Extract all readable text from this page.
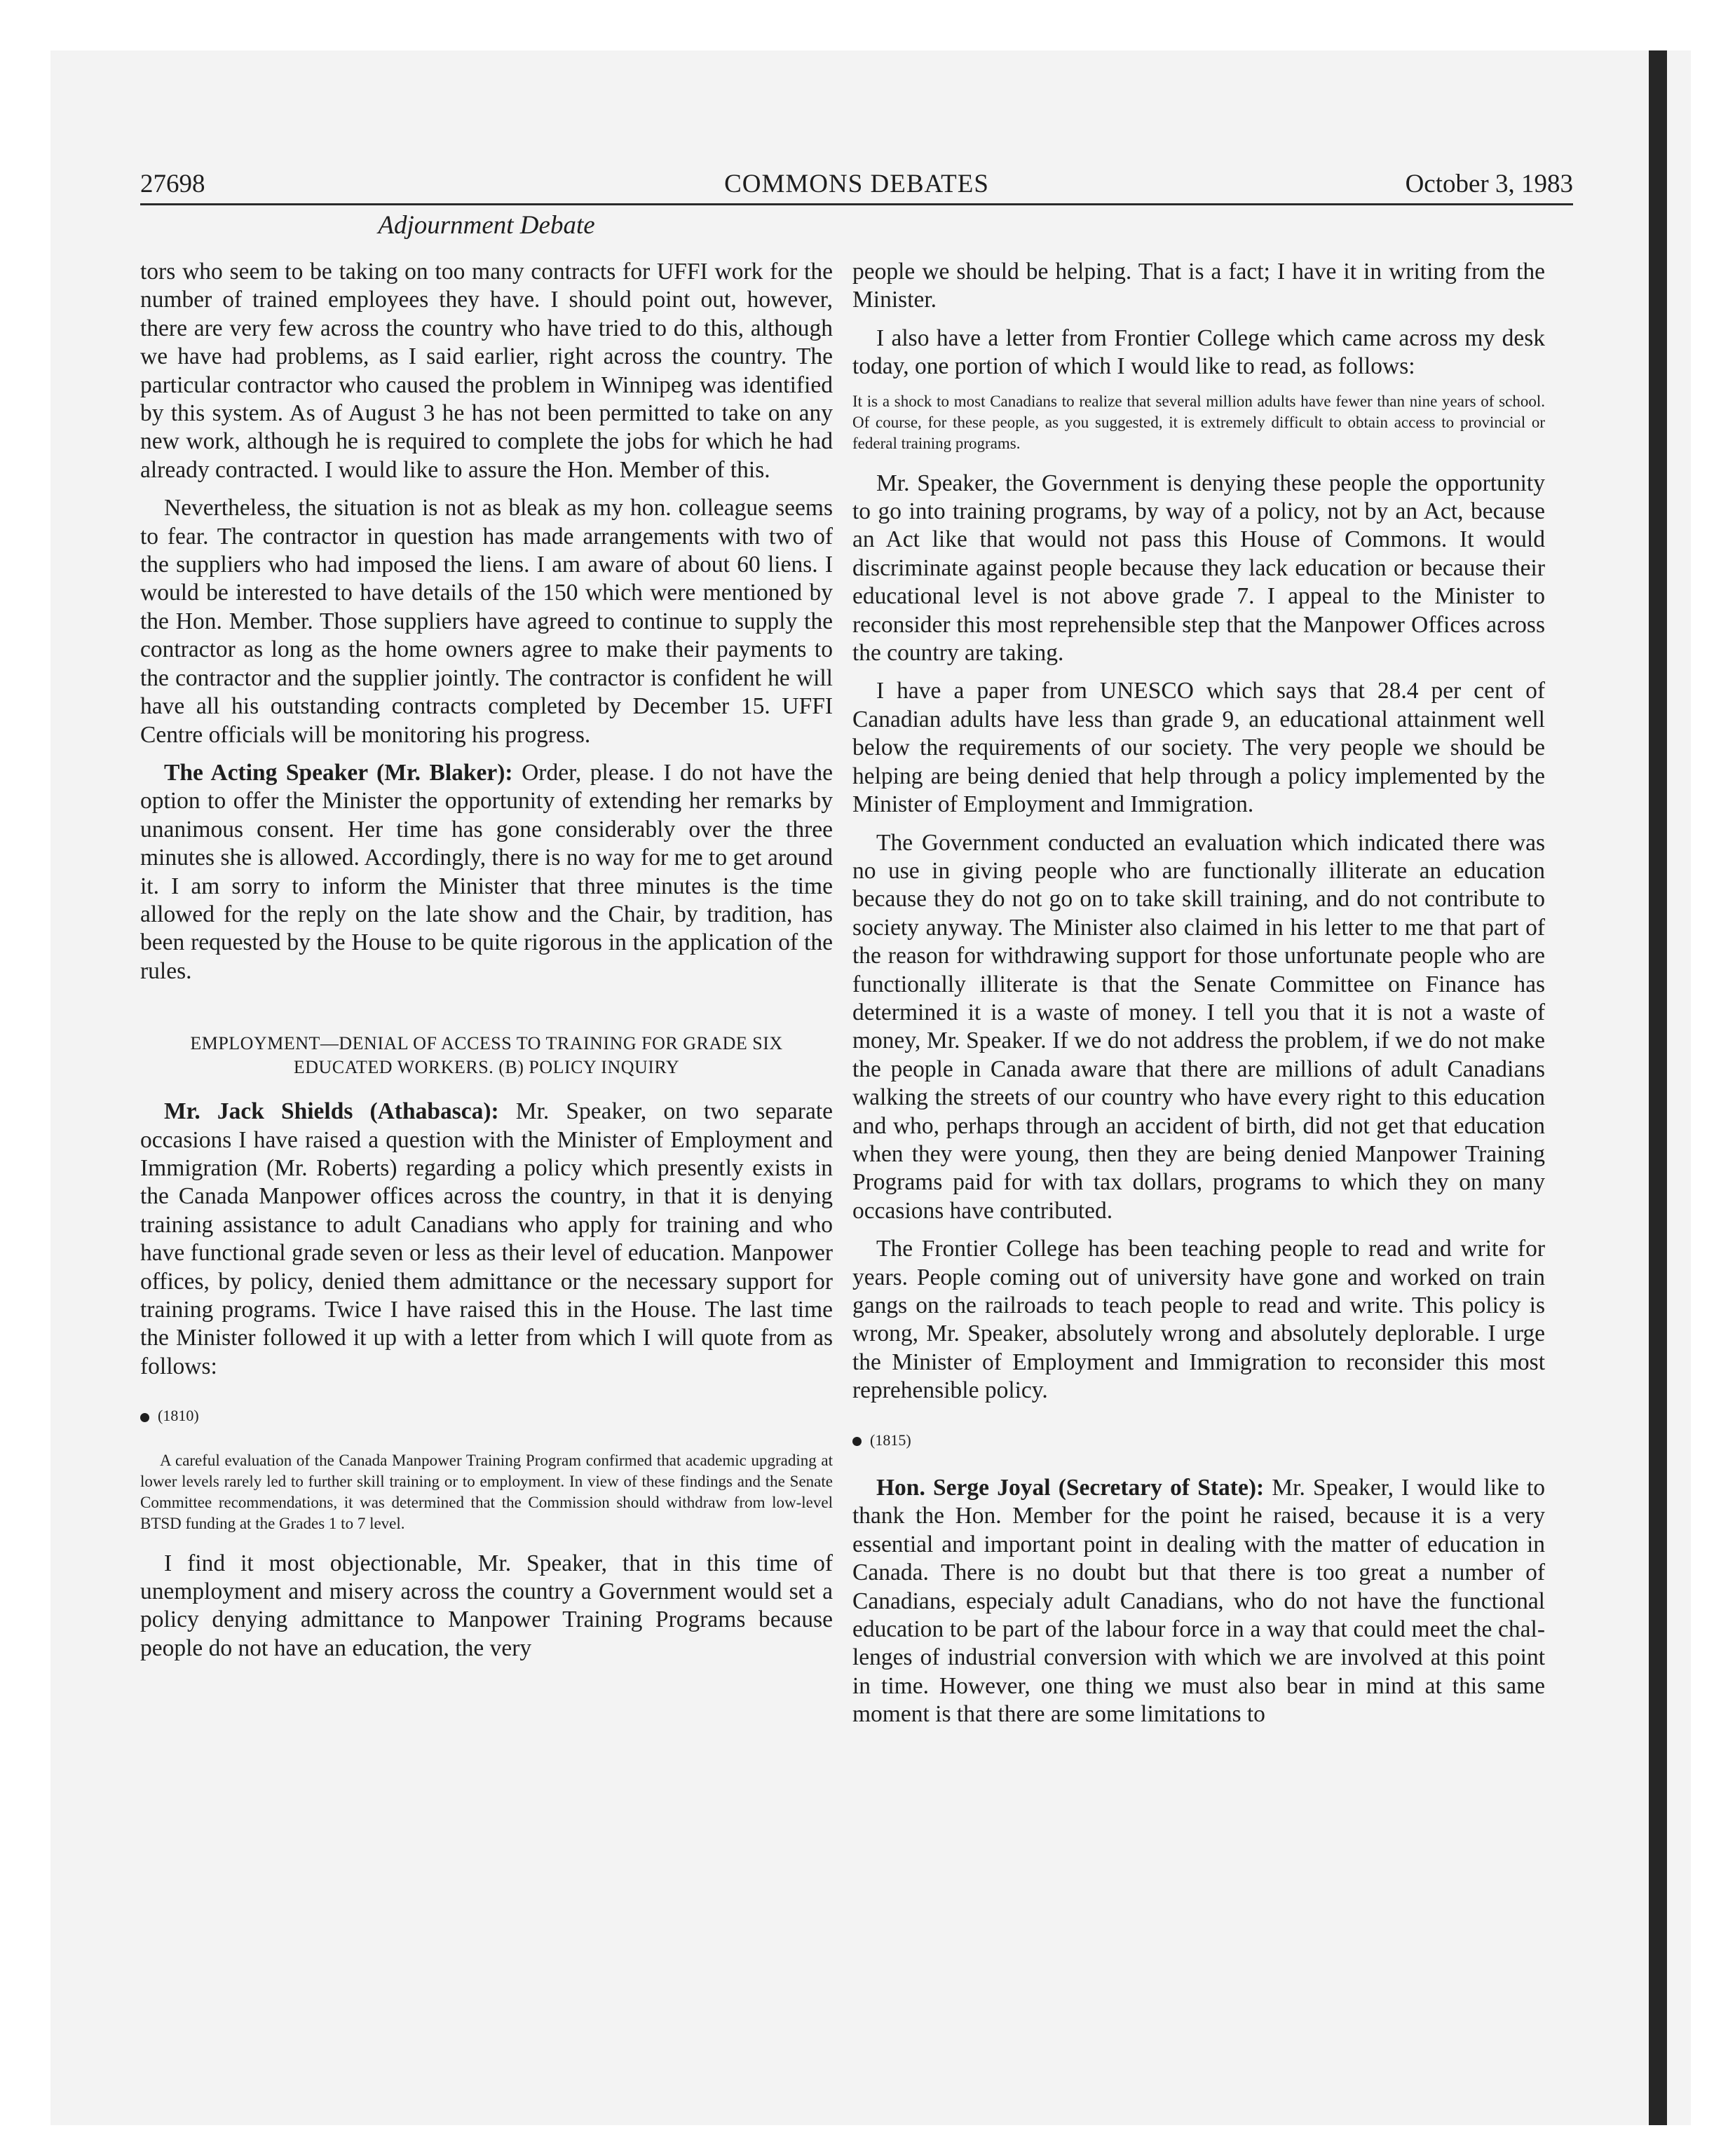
COMMONS DEBATES
27698	October 3, 1983
Adjournment Debate

tors who seem to be taking on too many contracts for UFFI work for the number of trained employees they have. I should point out, however, there are very few across the country who have tried to do this, although we have had problems, as I said earlier, right across the country. The particular contractor who caused the problem in Winnipeg was identified by this system. As of August 3 he has not been permitted to take on any new work, although he is required to complete the jobs for which he had already contracted. I would like to assure the Hon. Member of this.

Nevertheless, the situation is not as bleak as my hon. colleague seems to fear. The contractor in question has made arrangements with two of the suppliers who had imposed the liens. I am aware of about 60 liens. I would be interested to have details of the 150 which were mentioned by the Hon. Member. Those suppliers have agreed to continue to supply the contractor as long as the home owners agree to make their payments to the contractor and the supplier jointly. The contractor is confident he will have all his outstanding contracts completed by December 15. UFFI Centre officials will be monitoring his progress.

The Acting Speaker (Mr. Blaker): Order, please. I do not have the option to offer the Minister the opportunity of extending her remarks by unanimous consent. Her time has gone considerably over the three minutes she is allowed. Accordingly, there is no way for me to get around it. I am sorry to inform the Minister that three minutes is the time allowed for the reply on the late show and the Chair, by tradition, has been requested by the House to be quite rigorous in the application of the rules.

EMPLOYMENT—DENIAL OF ACCESS TO TRAINING FOR GRADE SIX EDUCATED WORKERS. (B) POLICY INQUIRY

Mr. Jack Shields (Athabasca): Mr. Speaker, on two separate occasions I have raised a question with the Minister of Employment and Immigration (Mr. Roberts) regarding a policy which presently exists in the Canada Manpower offices across the country, in that it is denying training assistance to adult Canadians who apply for training and who have functional grade seven or less as their level of education. Manpower offices, by policy, denied them admittance or the necessary support for training programs. Twice I have raised this in the House. The last time the Minister followed it up with a letter from which I will quote from as follows:

(1810)
A careful evaluation of the Canada Manpower Training Program confirmed that academic upgrading at lower levels rarely led to further skill training or to employment. In view of these findings and the Senate Committee recommendations, it was determined that the Commission should withdraw from low-level BTSD funding at the Grades 1 to 7 level.

I find it most objectionable, Mr. Speaker, that in this time of unemployment and misery across the country a Government would set a policy denying admittance to Manpower Training Programs because people do not have an education, the very

people we should be helping. That is a fact; I have it in writing from the Minister.

I also have a letter from Frontier College which came across my desk today, one portion of which I would like to read, as follows:

It is a shock to most Canadians to realize that several million adults have fewer than nine years of school. Of course, for these people, as you suggested, it is extremely difficult to obtain access to provincial or federal training programs.

Mr. Speaker, the Government is denying these people the opportunity to go into training programs, by way of a policy, not by an Act, because an Act like that would not pass this House of Commons. It would discriminate against people because they lack education or because their educational level is not above grade 7. I appeal to the Minister to reconsider this most reprehensible step that the Manpower Offices across the country are taking.

I have a paper from UNESCO which says that 28.4 per cent of Canadian adults have less than grade 9, an educational attainment well below the requirements of our society. The very people we should be helping are being denied that help through a policy implemented by the Minister of Employment and Immigration.

The Government conducted an evaluation which indicated there was no use in giving people who are functionally illiterate an education because they do not go on to take skill training, and do not contribute to society anyway. The Minister also claimed in his letter to me that part of the reason for withdrawing support for those unfortunate people who are functionally illiterate is that the Senate Committee on Finance has determined it is a waste of money. I tell you that it is not a waste of money, Mr. Speaker. If we do not address the problem, if we do not make the people in Canada aware that there are millions of adult Canadians walking the streets of our country who have every right to this education and who, perhaps through an accident of birth, did not get that education when they were young, then they are being denied Manpower Training Programs paid for with tax dollars, programs to which they on many occasions have contributed.

The Frontier College has been teaching people to read and write for years. People coming out of university have gone and worked on train gangs on the railroads to teach people to read and write. This policy is wrong, Mr. Speaker, absolutely wrong and absolutely deplorable. I urge the Minister of Employment and Immigration to reconsider this most reprehensible policy.

(1815)

Hon. Serge Joyal (Secretary of State): Mr. Speaker, I would like to thank the Hon. Member for the point he raised, because it is a very essential and important point in dealing with the matter of education in Canada. There is no doubt but that there is too great a number of Canadians, especialy adult Canadians, who do not have the functional education to be part of the labour force in a way that could meet the challenges of industrial conversion with which we are involved at this point in time. However, one thing we must also bear in mind at this same moment is that there are some limitations to
